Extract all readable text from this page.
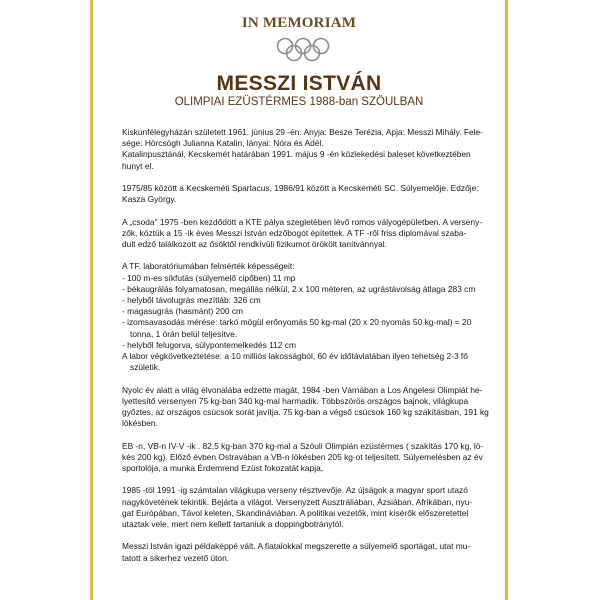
IN MEMORIAM
MESSZI ISTVÁN
OLIMPIAI EZÜSTÉRMES 1988-ban SZÖULBAN
Kiskunfélegyházán született 1961. június 29 -én. Anyja: Besze Terézia, Apja: Messzi Mihály. Fele-
sége: Hörcsögh Julianna Katalin, lányai: Nóra és Adél.
Katalinpusztánál, Kecskemét határában 1991. május 9 -én közlekedési baleset következtében
hunyt el.
1975/85 között a Kecskeméti Spartacus, 1986/91 között a Kecskeméti SC. Súlyemelője. Edzője:
Kasza György.
A „csoda" 1975 -ben kezdődött a KTE pálya szegletében lévő romos vályogépületben. A verseny-
zők, köztük a 15 -ik éves Messzi István edzőbogót építettek. A TF -ről friss diplomával szaba-
dult edző találkozott az ősöktől rendkívüli fizikumot örökölt tanítvánnyal.
A TF. laboratóriumában felmérték képességeit:
- 100 m-es síkfutás (súlyemelő cipőben) 11 mp
- békaugrálás folyamatosan, megállás nélkül, 2 x 100 méteren, az ugrástávolság átlaga 283 cm
- helyből távolugrás mezítláb: 326 cm
- magasugrás (hasmánt) 200 cm
- izomsavasodás mérése: tarkó mögül erőnyomás 50 kg-mal (20 x 20 nyomás 50 kg-mal) = 20
tonna, 1 órán belül teljesítve.
- helyből felugorva, súlypontemelkedés 112 cm
A labor végkövetkeztetése: a 10 milliós lakosságból, 60 év időtávlatában ilyen tehetség 2-3 fő
születik.
Nyolc év alatt a világ élvonalába edzette magát, 1984 -ben Várnában a Los Angelesi Olimpiát he-
lyettesítő versenyen 75 kg-ban 340 kg-mal harmadik. Többszörös országos bajnok, világkupa
győztes, az országos csúcsok sorát javítja. 75 kg-ban a végső csúcsok 160 kg szakításban, 191 kg
lökésben.
EB -n, VB-n IV-V -ik . 82,5 kg-ban 370 kg-mal a Szöuli Olimpián ezüstérmes ( szakítás 170 kg, lö-
kés 200 kg). Előző évben Ostravában a VB-n lökésben 205 kg-ot teljesített. Súlyemelésben az év
sportolója, a munka Érdemrend Ezüst fokozatát kapja,
1985 -töl 1991 -ig számtalan világkupa verseny résztvevője. Az újságok a magyar sport utazó
nagykövetének tekintik. Bejárta a világot. Versenyzett Ausztráliában, Ázsiában, Afrikában, nyu-
gat Európában, Távol keleten, Skandináviában. A politikai vezetők, mint kísérők előszeretettel
utaztak vele, mert nem kellett tartaniuk a doppingbotránytól.
Messzi István igazi példaképpé vált. A fiatalokkal megszerette a súlyemelő sportágat, utat mu-
tatott a sikerhez vezető úton.
